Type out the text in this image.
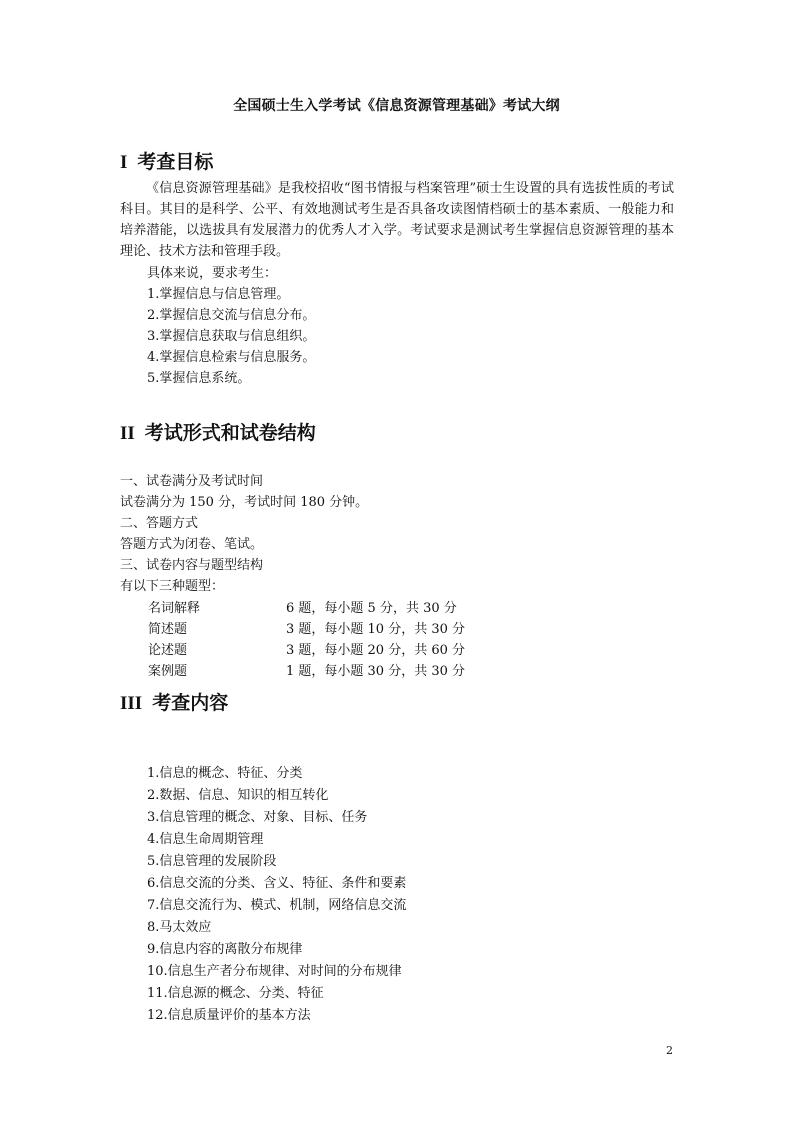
全国硕士生入学考试《信息资源管理基础》考试大纲
I 考查目标

《信息资源管理基础》是我校招收“图书情报与档案管理”硕士生设置的具有选拔性质的考试科目。其目的是科学、公平、有效地测试考生是否具备攻读图情档硕士的基本素质、一般能力和培养潜能，以选拔具有发展潜力的优秀人才入学。考试要求是测试考生掌握信息资源管理的基本理论、技术方法和管理手段。

具体来说，要求考生：
1.掌握信息与信息管理。
2.掌握信息交流与信息分布。
3.掌握信息获取与信息组织。
4.掌握信息检索与信息服务。
5.掌握信息系统。
II 考试形式和试卷结构
一、试卷满分及考试时间
试卷满分为 150 分，考试时间 180 分钟。
二、答题方式
答题方式为闭卷、笔试。
三、试卷内容与题型结构
有以下三种题型：
名词解释	6 题，每小题 5 分，共 30 分
简述题	3 题，每小题 10 分，共 30 分
论述题	3 题，每小题 20 分，共 60 分
案例题	1 题，每小题 30 分，共 30 分
III 考查内容
1.信息的概念、特征、分类
2.数据、信息、知识的相互转化
3.信息管理的概念、对象、目标、任务
4.信息生命周期管理
5.信息管理的发展阶段
6.信息交流的分类、含义、特征、条件和要素
7.信息交流行为、模式、机制，网络信息交流
8.马太效应
9.信息内容的离散分布规律
10.信息生产者分布规律、对时间的分布规律
11.信息源的概念、分类、特征
12.信息质量评价的基本方法
2
